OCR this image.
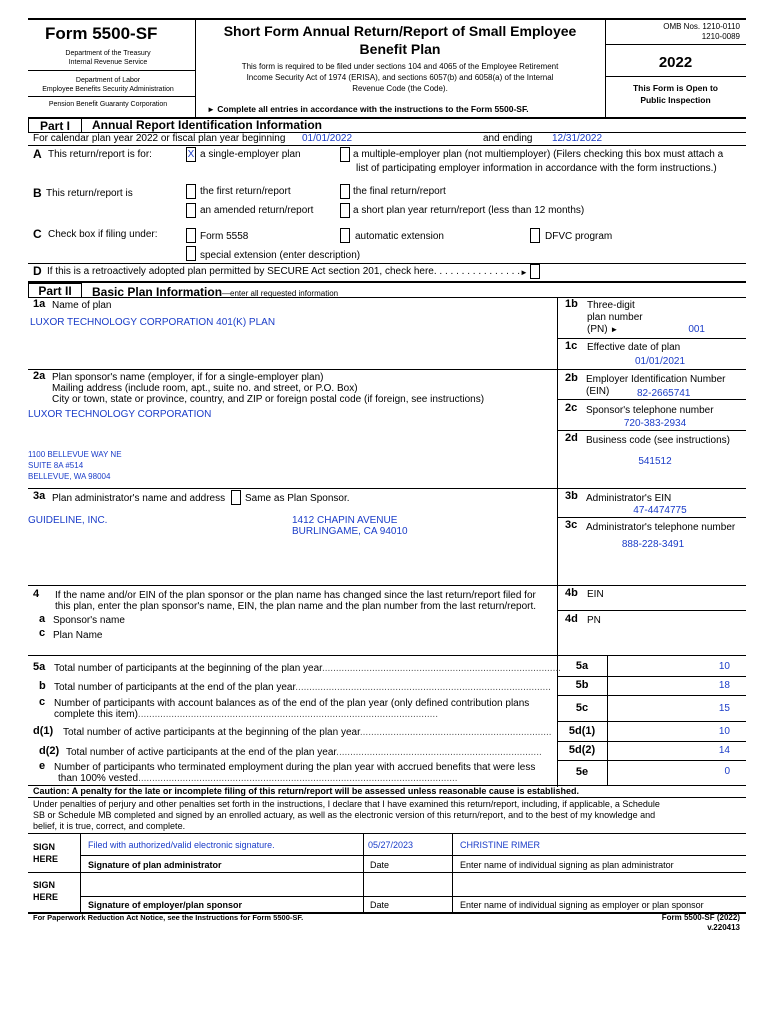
Form 5500-SF
Department of the Treasury
Internal Revenue Service
Department of Labor
Employee Benefits Security Administration
Pension Benefit Guaranty Corporation
Short Form Annual Return/Report of Small Employee
Benefit Plan
This form is required to be filed under sections 104 and 4065 of the Employee Retirement
Income Security Act of 1974 (ERISA), and sections 6057(b) and 6058(a) of the Internal
Revenue Code (the Code).
► Complete all entries in accordance with the instructions to the Form 5500-SF.
OMB Nos. 1210-0110
1210-0089
2022
This Form is Open to
Public Inspection
Part I	Annual Report Identification Information
For calendar plan year 2022 or fiscal plan year beginning 01/01/2022	and ending 12/31/2022
A This return/report is for:	X a single-employer plan	a multiple-employer plan (not multiemployer) (Filers checking this box must attach a
list of participating employer information in accordance with the form instructions.)
B This return/report is	the first return/report	the final return/report
an amended return/report	a short plan year return/report (less than 12 months)
C Check box if filing under:	Form 5558	automatic extension	DFVC program
special extension (enter description)
D If this is a retroactively adopted plan permitted by SECURE Act section 201, check here. . . . . . . . . . . . . . . . ►
Part II	Basic Plan Information—enter all requested information
1a Name of plan
LUXOR TECHNOLOGY CORPORATION 401(K) PLAN
1b Three-digit
plan number
(PN) ►	001
1c Effective date of plan
01/01/2021
2a Plan sponsor's name (employer, if for a single-employer plan)
Mailing address (include room, apt., suite no. and street, or P.O. Box)
City or town, state or province, country, and ZIP or foreign postal code (if foreign, see instructions)
LUXOR TECHNOLOGY CORPORATION
1100 BELLEVUE WAY NE
SUITE 8A #514
BELLEVUE, WA 98004
2b Employer Identification Number
(EIN)	82-2665741
2c Sponsor's telephone number
720-383-2934
2d Business code (see instructions)
541512
3a Plan administrator's name and address Same as Plan Sponsor.
GUIDELINE, INC.	1412 CHAPIN AVENUE
BURLINGAME, CA 94010
3b Administrator's EIN
47-4474775
3c Administrator's telephone number
888-228-3491
4 If the name and/or EIN of the plan sponsor or the plan name has changed since the last return/report filed for
this plan, enter the plan sponsor's name, EIN, the plan name and the plan number from the last return/report.
a Sponsor's name
c Plan Name
4b EIN
4d PN
5a Total number of participants at the beginning of the plan year......................................................................................	5a	10
b Total number of participants at the end of the plan year............................................................................................	5b	18
c Number of participants with account balances as of the end of the plan year (only defined contribution plans
complete this item)............................................................................................................
5c	15
d(1) Total number of active participants at the beginning of the plan year.....................................................................	5d(1)	10
d(2) Total number of active participants at the end of the plan year..........................................................................	5d(2)	14
e Number of participants who terminated employment during the plan year with accrued benefits that were less
than 100% vested...................................................................................................................
5e	0
Caution: A penalty for the late or incomplete filing of this return/report will be assessed unless reasonable cause is established.
Under penalties of perjury and other penalties set forth in the instructions, I declare that I have examined this return/report, including, if applicable, a Schedule
SB or Schedule MB completed and signed by an enrolled actuary, as well as the electronic version of this return/report, and to the best of my knowledge and
belief, it is true, correct, and complete.
SIGN
HERE
Filed with authorized/valid electronic signature.	05/27/2023	CHRISTINE RIMER
Signature of plan administrator	Date	Enter name of individual signing as plan administrator
SIGN
HERE
Signature of employer/plan sponsor	Date	Enter name of individual signing as employer or plan sponsor
For Paperwork Reduction Act Notice, see the Instructions for Form 5500-SF.	Form 5500-SF (2022)
v.220413
